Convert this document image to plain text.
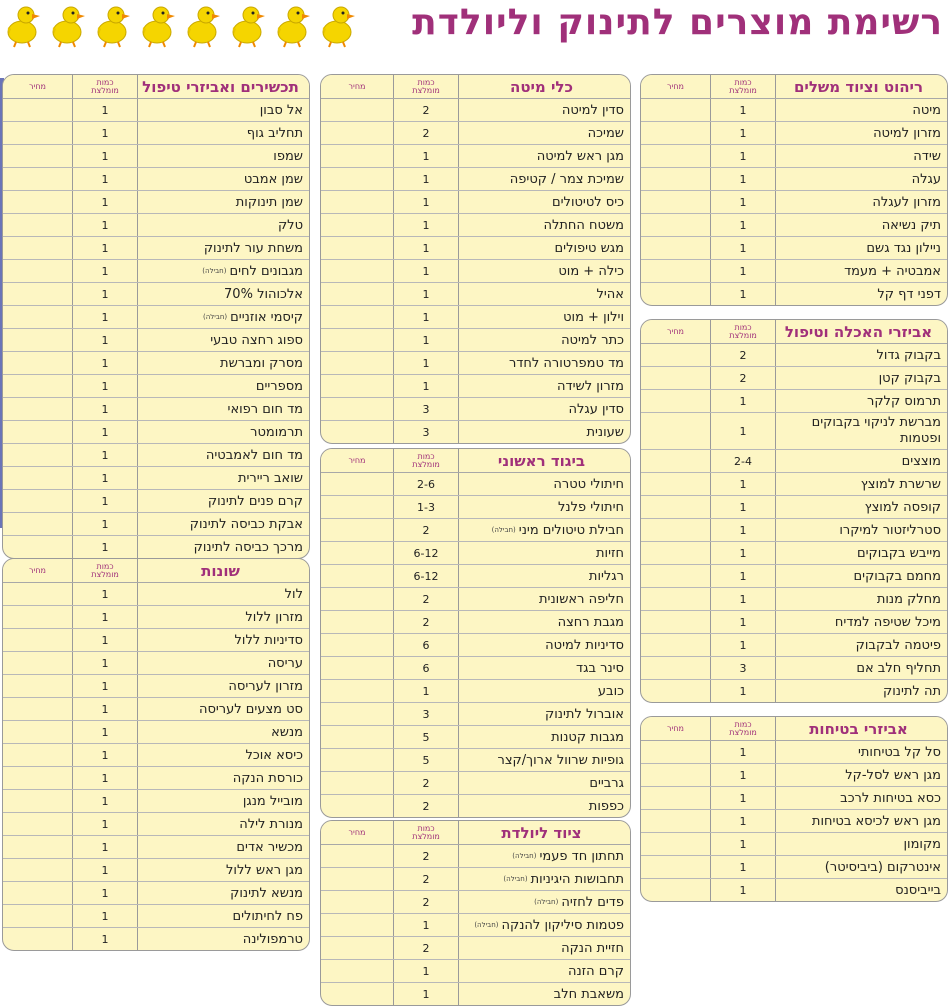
רשימת מוצרים לתינוק וליולדת
ריהוט וציוד משלים
כמות
מומלצת
מחיר
מיטה
1
מזרון למיטה
1
שידה
1
עגלה
1
מזרון לעגלה
1
תיק נשיאה
1
ניילון נגד גשם
1
אמבטיה + מעמד
1
דפני דף קל
1
אביזרי האכלה וטיפול
כמות
מומלצת
מחיר
בקבוק גדול
2
בקבוק קטן
2
תרמוס קלקר
1
מברשת לניקוי בקבוקים ופטמות
1
מוצצים
2-4
שרשרת למוצץ
1
קופסה למוצץ
1
סטרליזטור למיקרו
1
מייבש בקבוקים
1
מחמם בקבוקים
1
מחלק מנות
1
מיכל שטיפה למדיח
1
פיטמה לבקבוק
1
תחליף חלב אם
3
תה לתינוק
1
אביזרי בטיחות
כמות
מומלצת
מחיר
סל קל בטיחותי
1
מגן ראש לסל-קל
1
כסא בטיחות לרכב
1
מגן ראש לכיסא בטיחות
1
מקומון
1
אינטרקום (ביביסיטר)
1
בייביסנס
1
כלי מיטה
כמות
מומלצת
מחיר
סדין למיטה
2
שמיכה
2
מגן ראש למיטה
1
שמיכת צמר / קטיפה
1
כיס לטיטולים
1
משטח החתלה
1
מגש טיפולים
1
כילה + מוט
1
אהיל
1
וילון + מוט
1
כתר למיטה
1
מד טמפרטורה לחדר
1
מזרון לשידה
1
סדין עגלה
3
שעונית
3
ביגוד ראשוני
כמות
מומלצת
מחיר
חיתולי טטרה
2-6
חיתולי פלנל
1-3
חבילת טיטולים מיני
(חבילה)
2
חזיות
6-12
רגליות
6-12
חליפה ראשונית
2
מגבת רחצה
2
סדיניות למיטה
6
סינר בגד
6
כובע
1
אוברול לתינוק
3
מגבות קטנות
5
גופיות שרוול ארוך/קצר
5
גרביים
2
כפפות
2
ציוד ליולדת
כמות
מומלצת
מחיר
תחתון חד פעמי
(חבילה)
2
תחבושות היגיניות
(חבילה)
2
פדים לחזיה
(חבילה)
2
פטמות סיליקון להנקה
(חבילה)
1
חזיית הנקה
2
קרם הזנה
1
משאבת חלב
1
תכשירים ואביזרי טיפול
כמות
מומלצת
מחיר
אל סבון
1
תחליב גוף
1
שמפו
1
שמן אמבט
1
שמן תינוקות
1
טלק
1
משחת עור לתינוק
1
מגבונים לחים
(חבילה)
1
אלכוהול 70%
1
קיסמי אוזניים
(חבילה)
1
ספוג רחצה טבעי
1
מסרק ומברשת
1
מספריים
1
מד חום רפואי
1
תרמומטר
1
מד חום לאמבטיה
1
שואב ריירית
1
קרם פנים לתינוק
1
אבקת כביסה לתינוק
1
מרכך כביסה לתינוק
1
שונות
כמות
מומלצת
מחיר
לול
1
מזרון ללול
1
סדיניות ללול
1
עריסה
1
מזרון לעריסה
1
סט מצעים לעריסה
1
מנשא
1
כיסא אוכל
1
כורסת הנקה
1
מובייל מנגן
1
מנורת לילה
1
מכשיר אדים
1
מגן ראש ללול
1
מנשא לתינוק
1
פח לחיתולים
1
טרמפולינה
1
